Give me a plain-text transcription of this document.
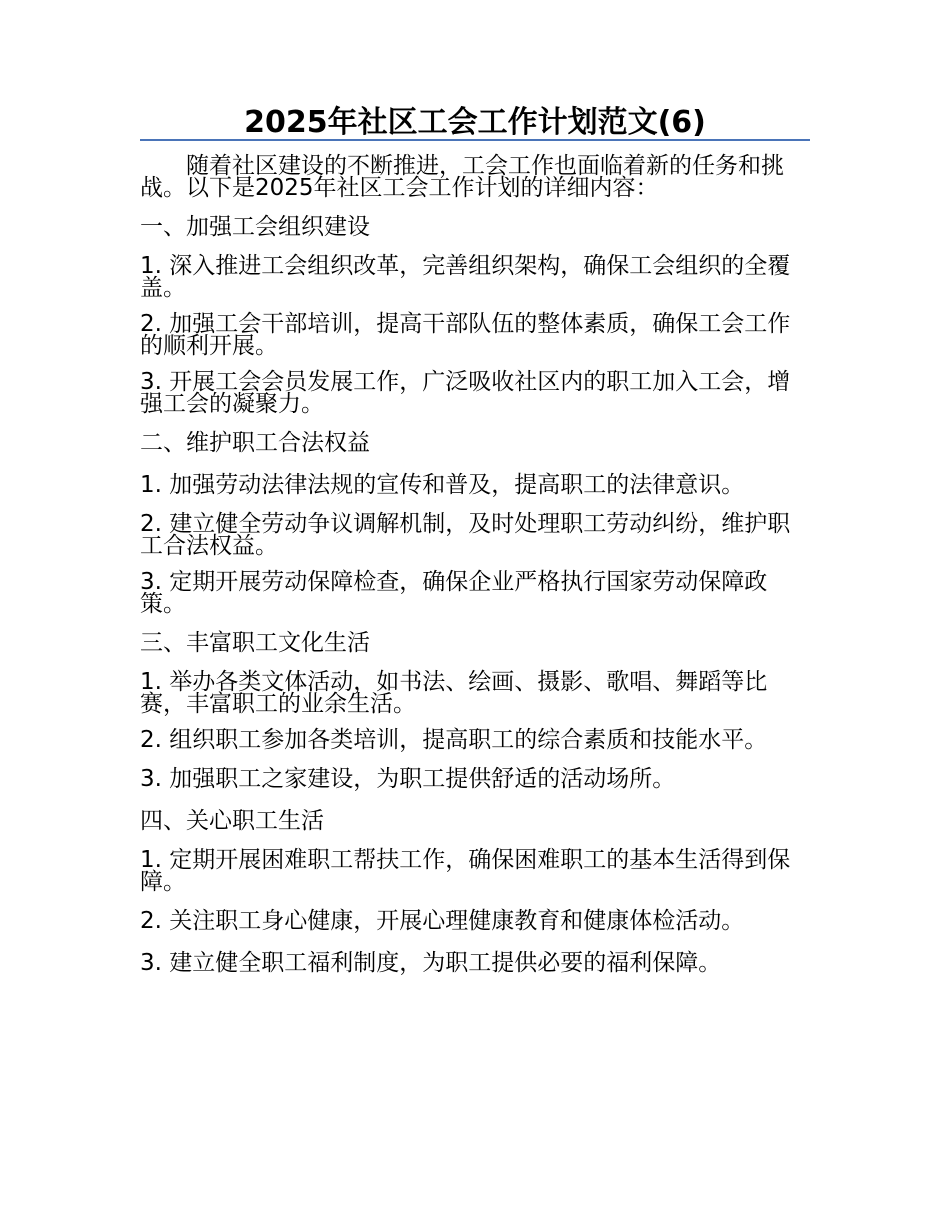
2025年社区工会工作计划范文(6)

随着社区建设的不断推进，工会工作也面临着新的任务和挑战。以下是2025年社区工会工作计划的详细内容：

一、加强工会组织建设

1. 深入推进工会组织改革，完善组织架构，确保工会组织的全覆盖。

2. 加强工会干部培训，提高干部队伍的整体素质，确保工会工作的顺利开展。

3. 开展工会会员发展工作，广泛吸收社区内的职工加入工会，增强工会的凝聚力。

二、维护职工合法权益

1. 加强劳动法律法规的宣传和普及，提高职工的法律意识。

2. 建立健全劳动争议调解机制，及时处理职工劳动纠纷，维护职工合法权益。

3. 定期开展劳动保障检查，确保企业严格执行国家劳动保障政策。

三、丰富职工文化生活

1. 举办各类文体活动，如书法、绘画、摄影、歌唱、舞蹈等比赛，丰富职工的业余生活。

2. 组织职工参加各类培训，提高职工的综合素质和技能水平。

3. 加强职工之家建设，为职工提供舒适的活动场所。

四、关心职工生活

1. 定期开展困难职工帮扶工作，确保困难职工的基本生活得到保障。

2. 关注职工身心健康，开展心理健康教育和健康体检活动。

3. 建立健全职工福利制度，为职工提供必要的福利保障。
